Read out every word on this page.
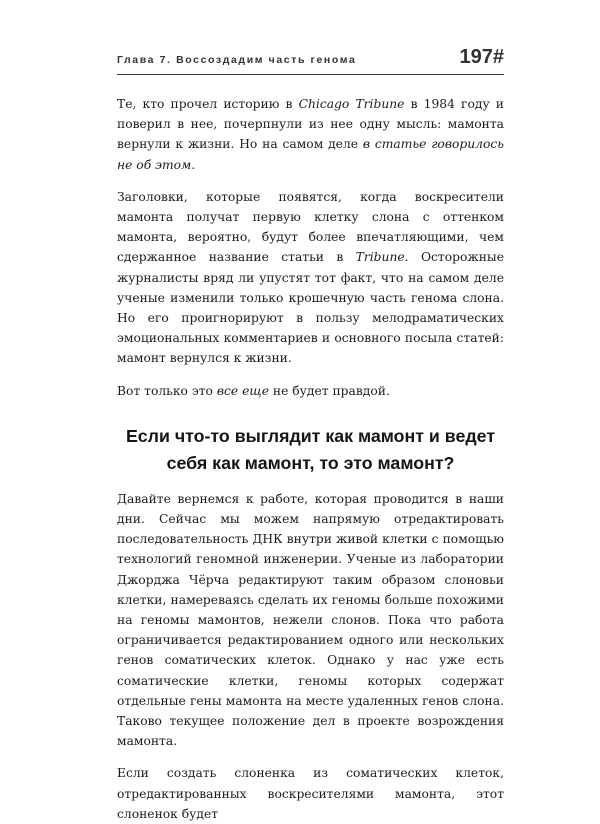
Глава 7. Воссоздадим часть генома	197#

Те, кто прочел историю в Chicago Tribune в 1984 году и поверил в нее, почерпнули из нее одну мысль: мамонта вернули к жизни. Но на самом деле в статье говорилось не об этом.

Заголовки, которые появятся, когда воскресители мамонта получат первую клетку слона с оттенком мамонта, вероятно, будут более впечатляющими, чем сдержанное название статьи в Tribune. Осторожные журналисты вряд ли упустят тот факт, что на самом деле ученые изменили только крошечную часть генома слона. Но его проигнорируют в пользу мелодраматических эмоциональных комментариев и основного посыла статей: мамонт вернулся к жизни.

Вот только это все еще не будет правдой.

Если что-то выглядит как мамонт и ведет
себя как мамонт, то это мамонт?

Давайте вернемся к работе, которая проводится в наши дни. Сейчас мы можем напрямую отредактировать последовательность ДНК внутри живой клетки с помощью технологий геномной инженерии. Ученые из лаборатории Джорджа Чёрча редактируют таким образом слоновьи клетки, намереваясь сделать их геномы больше похожими на геномы мамонтов, нежели слонов. Пока что работа ограничивается редактированием одного или нескольких генов соматических клеток. Однако у нас уже есть соматические клетки, геномы которых содержат отдельные гены мамонта на месте удаленных генов слона. Таково текущее положение дел в проекте возрождения мамонта.

Если создать слоненка из соматических клеток, отредактированных воскресителями мамонта, этот слоненок будет
